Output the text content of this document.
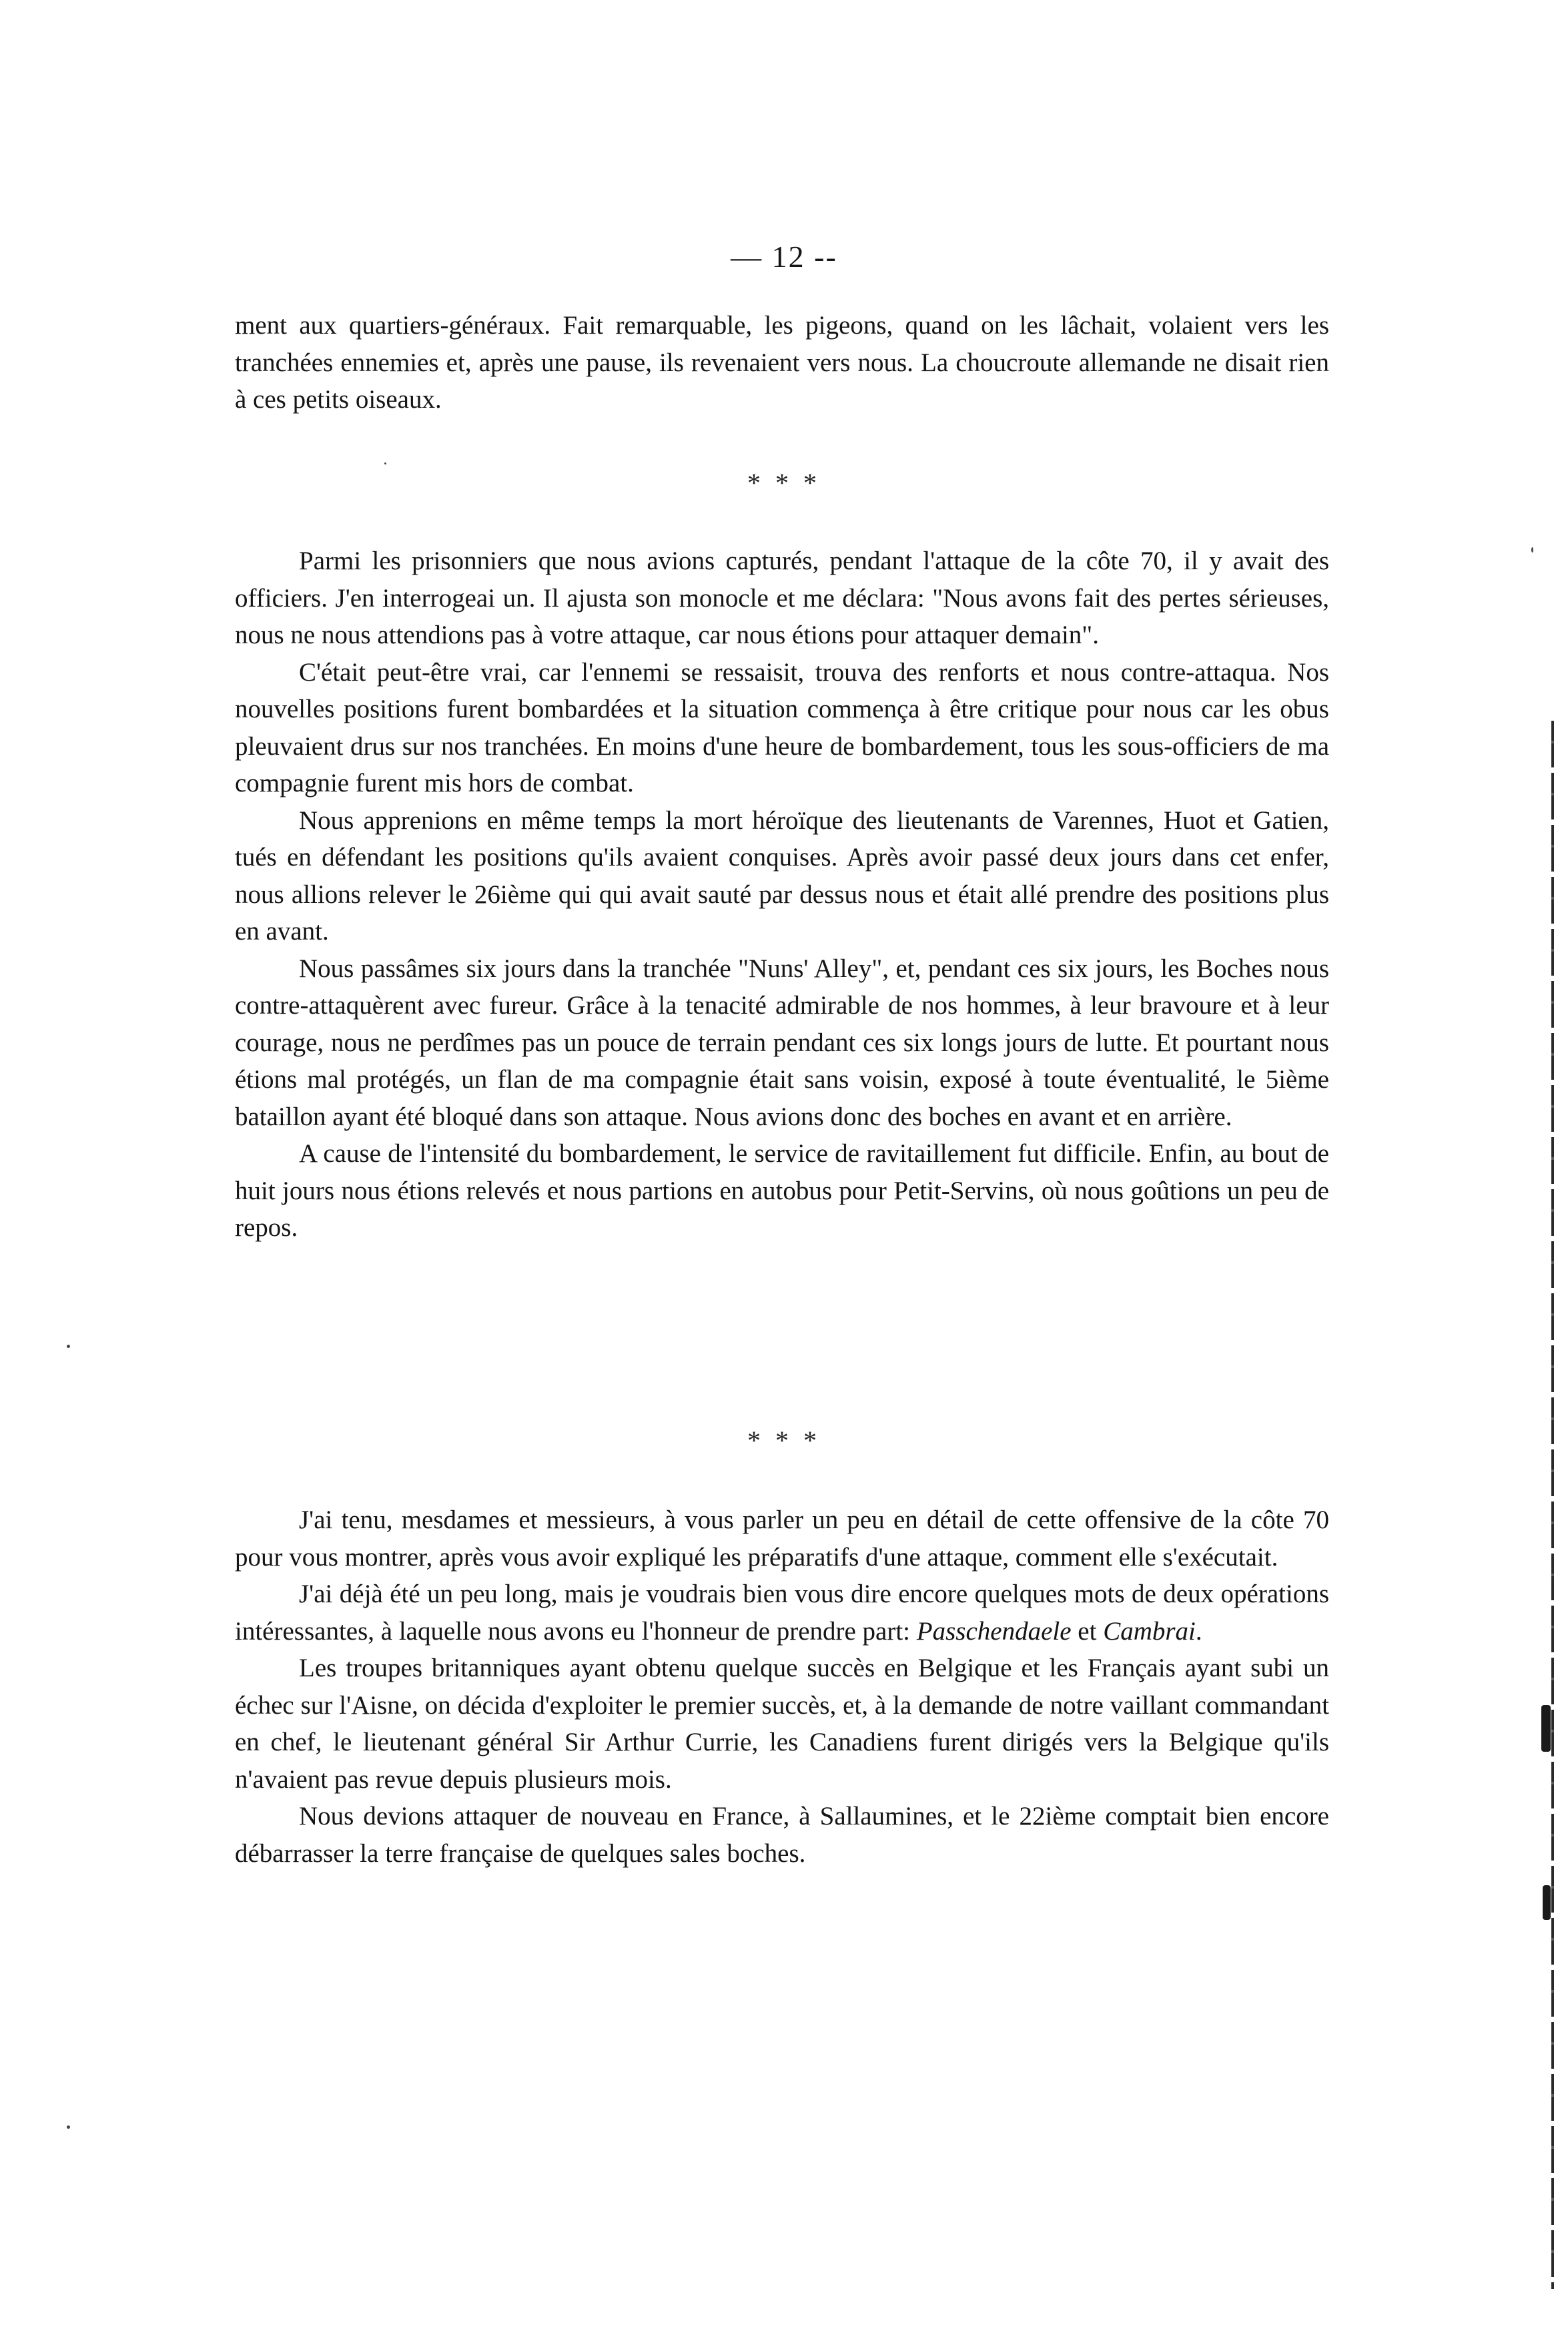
— 12 --

ment aux quartiers-généraux. Fait remarquable, les pigeons, quand on les lâchait, volaient vers les tranchées ennemies et, après une pause, ils revenaient vers nous. La choucroute allemande ne disait rien à ces petits oiseaux.

* * *

Parmi les prisonniers que nous avions capturés, pendant l'attaque de la côte 70, il y avait des officiers. J'en interrogeai un. Il ajusta son monocle et me déclara: "Nous avons fait des pertes sérieuses, nous ne nous attendions pas à votre attaque, car nous étions pour attaquer demain".

C'était peut-être vrai, car l'ennemi se ressaisit, trouva des renforts et nous contre-attaqua. Nos nouvelles positions furent bombardées et la situation commença à être critique pour nous car les obus pleuvaient drus sur nos tranchées. En moins d'une heure de bombardement, tous les sous-officiers de ma compagnie furent mis hors de combat.

Nous apprenions en même temps la mort héroïque des lieutenants de Varennes, Huot et Gatien, tués en défendant les positions qu'ils avaient conquises. Après avoir passé deux jours dans cet enfer, nous allions relever le 26ième qui qui avait sauté par dessus nous et était allé prendre des positions plus en avant.

Nous passâmes six jours dans la tranchée "Nuns' Alley", et, pendant ces six jours, les Boches nous contre-attaquèrent avec fureur. Grâce à la tenacité admirable de nos hommes, à leur bravoure et à leur courage, nous ne perdîmes pas un pouce de terrain pendant ces six longs jours de lutte. Et pourtant nous étions mal protégés, un flan de ma compagnie était sans voisin, exposé à toute éventualité, le 5ième bataillon ayant été bloqué dans son attaque. Nous avions donc des boches en avant et en arrière.

A cause de l'intensité du bombardement, le service de ravitaillement fut difficile. Enfin, au bout de huit jours nous étions relevés et nous partions en autobus pour Petit-Servins, où nous goûtions un peu de repos.

* * *

J'ai tenu, mesdames et messieurs, à vous parler un peu en détail de cette offensive de la côte 70 pour vous montrer, après vous avoir expliqué les préparatifs d'une attaque, comment elle s'exécutait.

J'ai déjà été un peu long, mais je voudrais bien vous dire encore quelques mots de deux opérations intéressantes, à laquelle nous avons eu l'honneur de prendre part: Passchendaele et Cambrai.

Les troupes britanniques ayant obtenu quelque succès en Belgique et les Français ayant subi un échec sur l'Aisne, on décida d'exploiter le premier succès, et, à la demande de notre vaillant commandant en chef, le lieutenant général Sir Arthur Currie, les Canadiens furent dirigés vers la Belgique qu'ils n'avaient pas revue depuis plusieurs mois.

Nous devions attaquer de nouveau en France, à Sallaumines, et le 22ième comptait bien encore débarrasser la terre française de quelques sales boches.
